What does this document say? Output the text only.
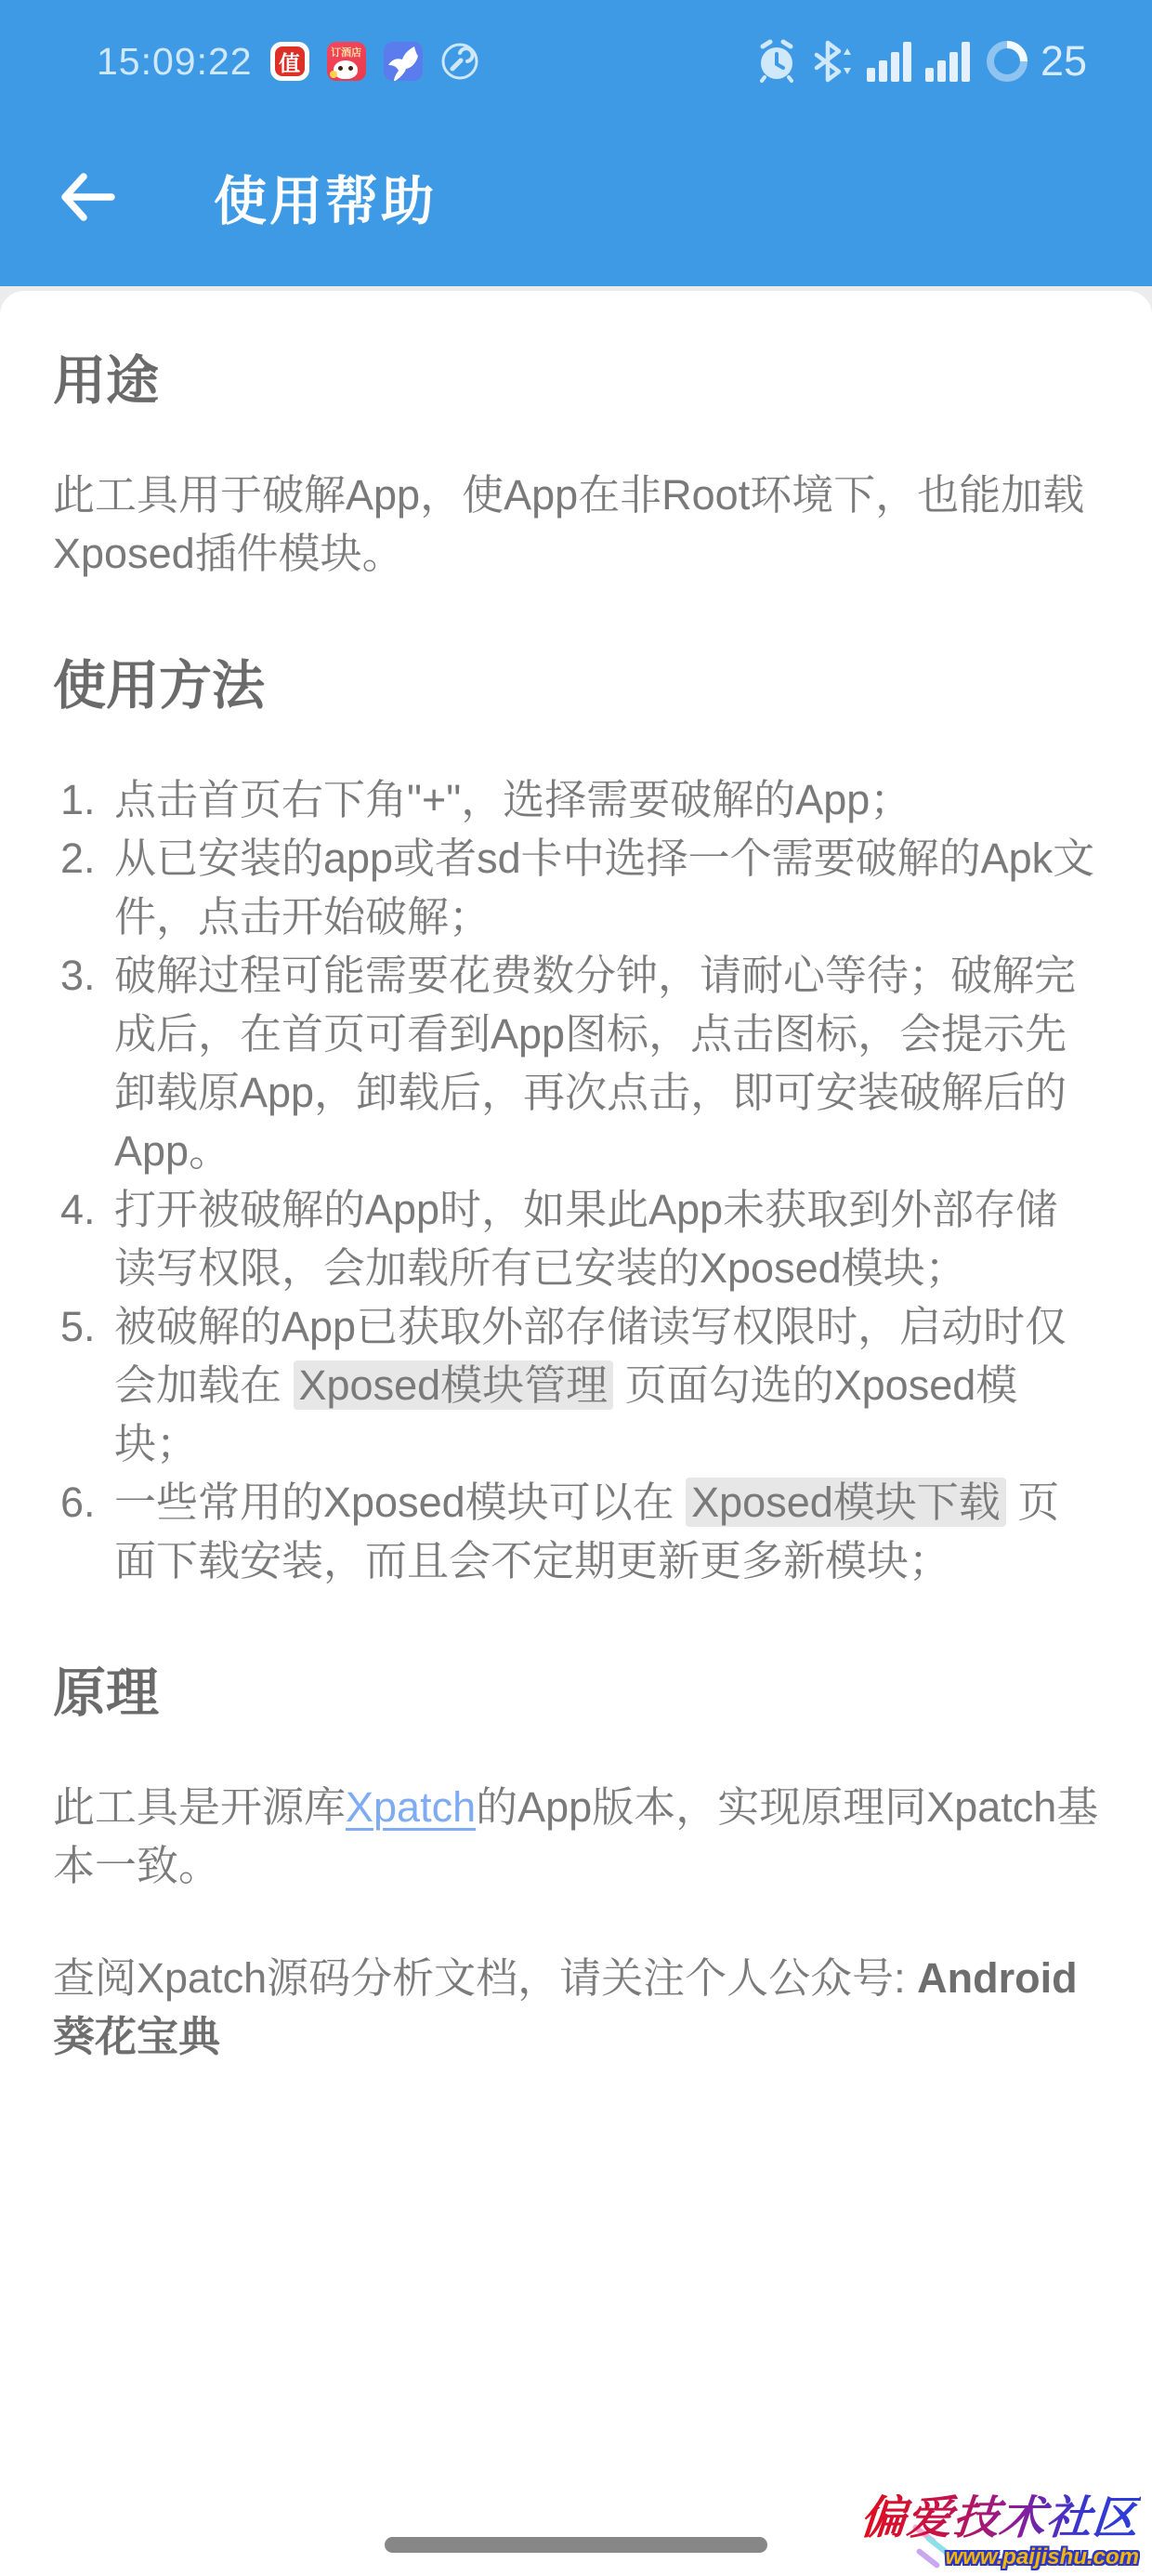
15:09:22 值	订酒店	25
使用帮助
用途

此工具用于破解App，使App在非Root环境下，也能加载Xposed插件模块。

使用方法
1. 点击首页右下角"+"，选择需要破解的App；
2. 从已安装的app或者sd卡中选择一个需要破解的Apk文件，点击开始破解；
3. 破解过程可能需要花费数分钟，请耐心等待；破解完成后，在首页可看到App图标，点击图标，会提示先卸载原App，卸载后，再次点击，即可安装破解后的App。
4. 打开被破解的App时，如果此App未获取到外部存储读写权限，会加载所有已安装的Xposed模块；
5. 被破解的App已获取外部存储读写权限时，启动时仅会加载在 Xposed模块管理 页面勾选的Xposed模块；
6. 一些常用的Xposed模块可以在 Xposed模块下载 页面下载安装，而且会不定期更新更多新模块；
原理

此工具是开源库Xpatch的App版本，实现原理同Xpatch基本一致。

查阅Xpatch源码分析文档，请关注个人公众号: Android葵花宝典

偏爱技术社区
www.paijishu.com
